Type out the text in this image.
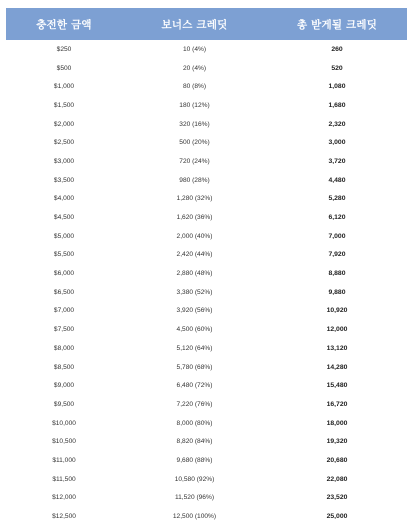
충전한 금액	보너스 크레딧	총 받게될 크레딧
$250	10 (4%)	260
$500	20 (4%)	520
$1,000	80 (8%)	1,080
$1,500	180 (12%)	1,680
$2,000	320 (16%)	2,320
$2,500	500 (20%)	3,000
$3,000	720 (24%)	3,720
$3,500	980 (28%)	4,480
$4,000	1,280 (32%)	5,280
$4,500	1,620 (36%)	6,120
$5,000	2,000 (40%)	7,000
$5,500	2,420 (44%)	7,920
$6,000	2,880 (48%)	8,880
$6,500	3,380 (52%)	9,880
$7,000	3,920 (56%)	10,920
$7,500	4,500 (60%)	12,000
$8,000	5,120 (64%)	13,120
$8,500	5,780 (68%)	14,280
$9,000	6,480 (72%)	15,480
$9,500	7,220 (76%)	16,720
$10,000	8,000 (80%)	18,000
$10,500	8,820 (84%)	19,320
$11,000	9,680 (88%)	20,680
$11,500	10,580 (92%)	22,080
$12,000	11,520 (96%)	23,520
$12,500	12,500 (100%)	25,000
